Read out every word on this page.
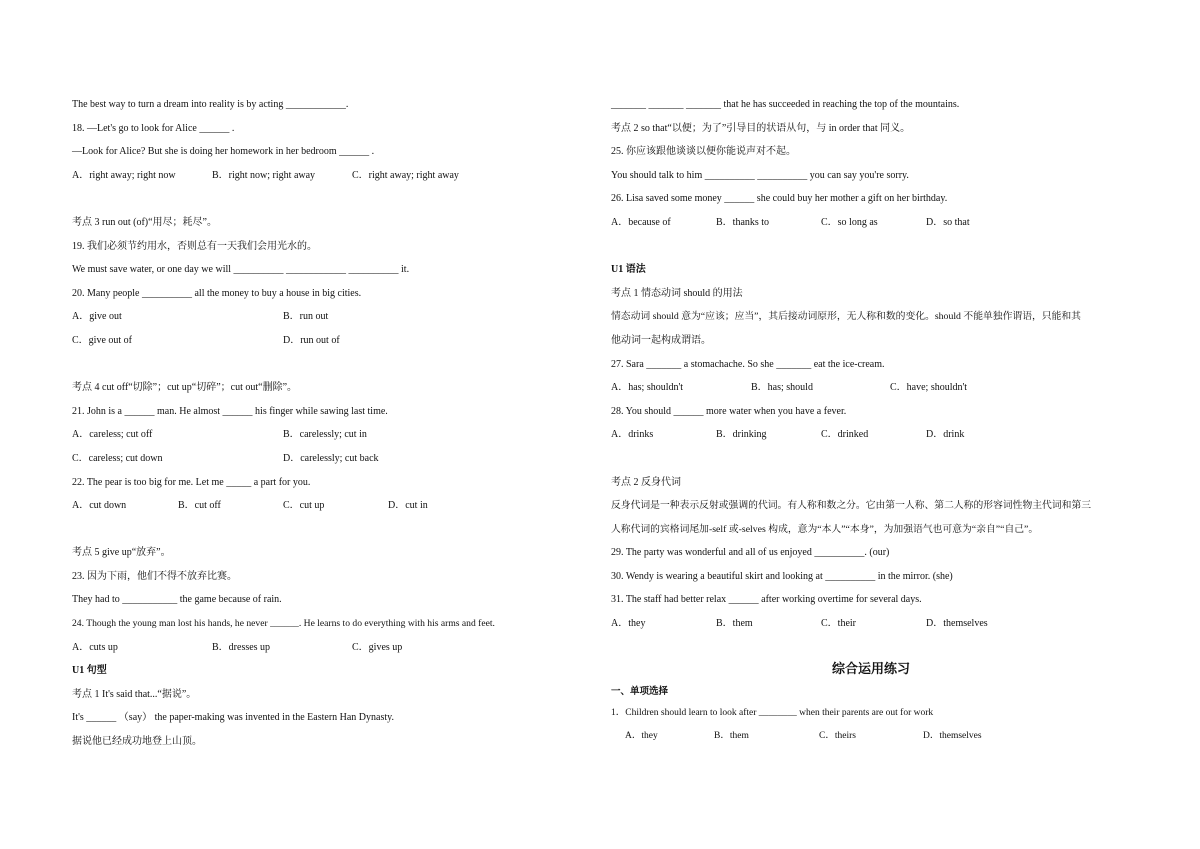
The best way to turn a dream into reality is by acting ____________.
18. —Let's go to look for Alice ______ .
—Look for Alice? But she is doing her homework in her bedroom ______ .
A．right away; right now	B．right now; right away	C．right away; right away
考点 3 run out (of)“用尽；耗尽”。
19. 我们必须节约用水，否则总有一天我们会用光水的。
We must save water, or one day we will __________ ____________ __________ it.
20. Many people __________ all the money to buy a house in big cities.
A．give out	B．run out
C．give out of	D．run out of
考点 4 cut off“切除”；cut up“切碎”；cut out“删除”。
21. John is a ______ man. He almost ______ his finger while sawing last time.
A．careless; cut off	B．carelessly; cut in
C．careless; cut down	D．carelessly; cut back
22. The pear is too big for me. Let me _____ a part for you.
A．cut down	B．cut off	C．cut up	D．cut in
考点 5 give up“放弃”。
23. 因为下雨，他们不得不放弃比赛。
They had to ___________ the game because of rain.
24. Though the young man lost his hands, he never ______. He learns to do everything with his arms and feet.
A．cuts up	B．dresses up	C．gives up
U1 句型
考点 1 It's said that...“据说”。
It's ______ （say） the paper-making was invented in the Eastern Han Dynasty.
据说他已经成功地登上山顶。
_______ _______ _______ that he has succeeded in reaching the top of the mountains.
考点 2 so that“以便；为了”引导目的状语从句，与 in order that 同义。
25. 你应该跟他谈谈以便你能说声对不起。
You should talk to him __________ __________ you can say you're sorry.
26. Lisa saved some money ______ she could buy her mother a gift on her birthday.
A．because of	B．thanks to	C．so long as	D．so that
U1 语法
考点 1 情态动词 should 的用法
情态动词 should 意为“应该；应当”，其后接动词原形，无人称和数的变化。should 不能单独作谓语，只能和其
他动词一起构成谓语。
27. Sara _______ a stomachache. So she _______ eat the ice-cream.
A．has; shouldn't	B．has; should	C．have; shouldn't
28. You should ______ more water when you have a fever.
A．drinks	B．drinking	C．drinked	D．drink
考点 2 反身代词
反身代词是一种表示反射或强调的代词。有人称和数之分。它由第一人称、第二人称的形容词性物主代词和第三
人称代词的宾格词尾加-self 或-selves 构成，意为“本人”“本身”，为加强语气也可意为“亲自”“自己”。
29. The party was wonderful and all of us enjoyed __________. (our)
30. Wendy is wearing a beautiful skirt and looking at __________ in the mirror. (she)
31. The staff had better relax ______ after working overtime for several days.
A．they	B．them	C．their	D．themselves
综合运用练习
一、单项选择
1．Children should learn to look after ________ when their parents are out for work
A．they	B．them	C．theirs	D．themselves
